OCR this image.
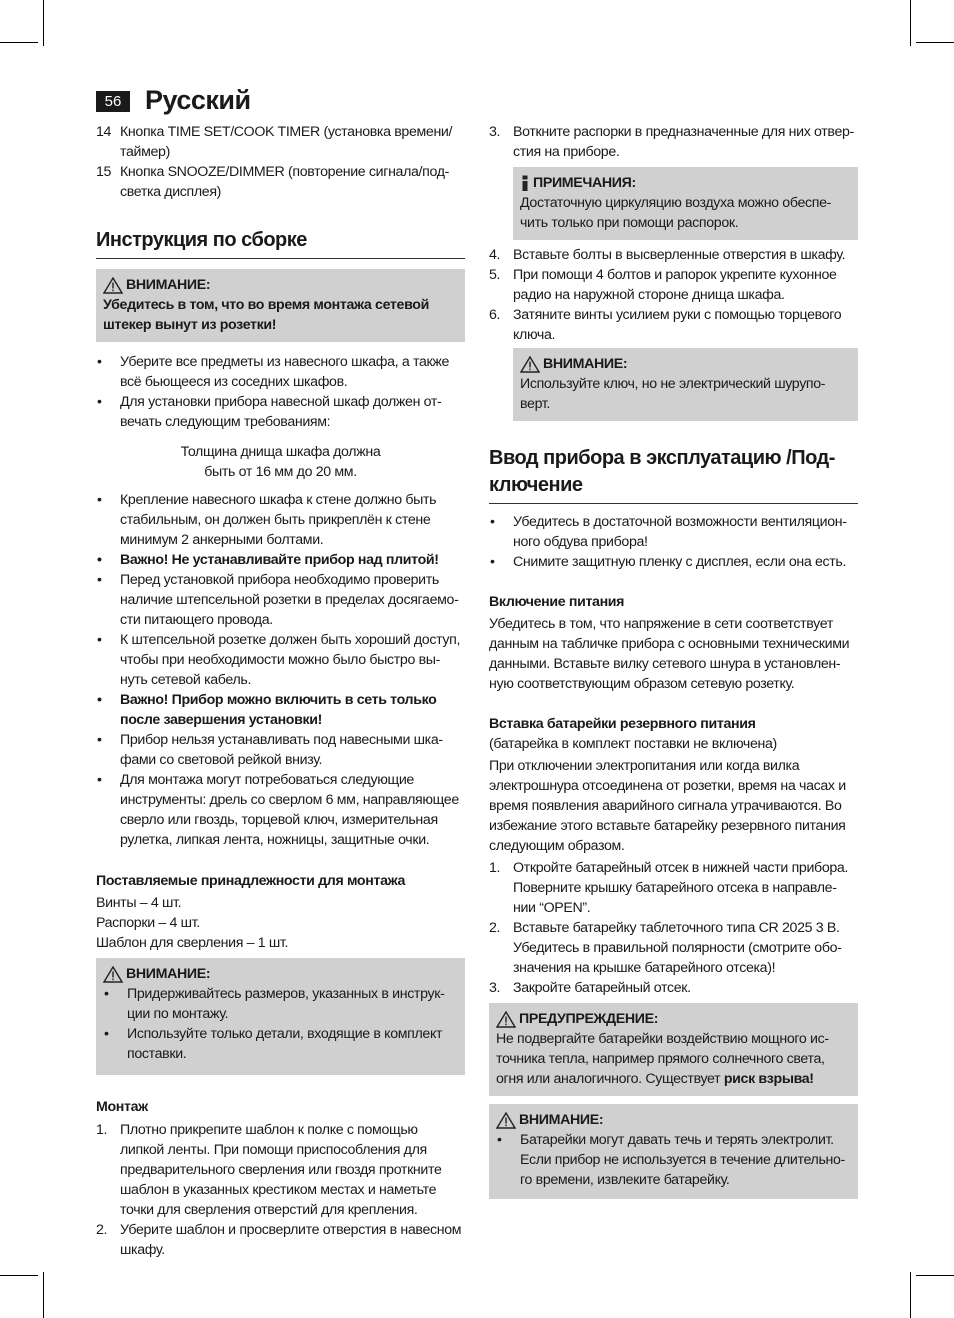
56 Русский
14 Кнопка TIME SET/COOK TIMER (установка времени/ таймер)
15 Кнопка SNOOZE/DIMMER (повторение сигнала/под- светка дисплея)
Инструкция по сборке
ВНИМАНИЕ:
Убедитесь в том, что во время монтажа сетевой штекер вынут из розетки!
•	Уберите все предметы из навесного шкафа, а также всё бьющееся из соседних шкафов.
•	Для установки прибора навесной шкаф должен от- вечать следующим требованиям:
Толщина днища шкафа должна
быть от 16 мм до 20 мм.
•	Крепление навесного шкафа к стене должно быть стабильным, он должен быть прикреплён к стене минимум 2 анкерными болтами.
•	Важно! Не устанавливайте прибор над плитой!
•	Перед установкой прибора необходимо проверить наличие штепсельной розетки в пределах досягаемо- сти питающего провода.
•	К штепсельной розетке должен быть хороший доступ, чтобы при необходимости можно было быстро вы- нуть сетевой кабель.
•	Важно! Прибор можно включить в сеть только после завершения установки!
•	Прибор нельзя устанавливать под навесными шка- фами со световой рейкой внизу.
•	Для монтажа могут потребоваться следующие инструменты: дрель со сверлом 6 мм, направляющее сверло или гвоздь, торцевой ключ, измерительная рулетка, липкая лента, ножницы, защитные очки.
Поставляемые принадлежности для монтажа
Винты – 4 шт.
Распорки – 4 шт.
Шаблон для сверления – 1 шт.
ВНИМАНИЕ:
•	Придерживайтесь размеров, указанных в инструк- ции по монтажу.
•	Используйте только детали, входящие в комплект поставки.
Монтаж
1. Плотно прикрепите шаблон к полке с помощью липкой ленты. При помощи приспособления для предварительного сверления или гвоздя проткните шаблон в указанных крестиком местах и наметьте точки для сверления отверстий для крепления.
2. Уберите шаблон и просверлите отверстия в навесном шкафу.
3. Воткните распорки в предназначенные для них отвер- стия на приборе.
ПРИМЕЧАНИЯ:
Достаточную циркуляцию воздуха можно обеспе- чить только при помощи распорок.
4. Вставьте болты в высверленные отверстия в шкафу.
5. При помощи 4 болтов и рапорок укрепите кухонное радио на наружной стороне днища шкафа.
6. Затяните винты усилием руки с помощью торцевого ключа.
ВНИМАНИЕ:
Используйте ключ, но не электрический шурупо- верт.
Ввод прибора в эксплуатацию /Под- ключение
•	Убедитесь в достаточной возможности вентиляцион- ного обдува прибора!
•	Снимите защитную пленку с дисплея, если она есть.
Включение питания
Убедитесь в том, что напряжение в сети соответствует данным на табличке прибора с основными техническими данными. Вставьте вилку сетевого шнура в установлен- ную соответствующим образом сетевую розетку.
Вставка батарейки резервного питания
(батарейка в комплект поставки не включена)
При отключении электропитания или когда вилка электрошнура отсоединена от розетки, время на часах и время появления аварийного сигнала утрачиваются. Во избежание этого вставьте батарейку резервного питания следующим образом.
1. Откройте батарейный отсек в нижней части прибора. Поверните крышку батарейного отсека в направле- нии “OPEN”.
2. Вставьте батарейку таблеточного типа CR 2025 3 В. Убедитесь в правильной полярности (смотрите обо- значения на крышке батарейного отсека)!
3. Закройте батарейный отсек.
ПРЕДУПРЕЖДЕНИЕ:
Не подвергайте батарейки воздействию мощного ис- точника тепла, например прямого солнечного света, огня или аналогичного. Существует риск взрыва!
ВНИМАНИЕ:
•	Батарейки могут давать течь и терять электролит. Если прибор не используется в течение длительно- го времени, извлеките батарейку.
